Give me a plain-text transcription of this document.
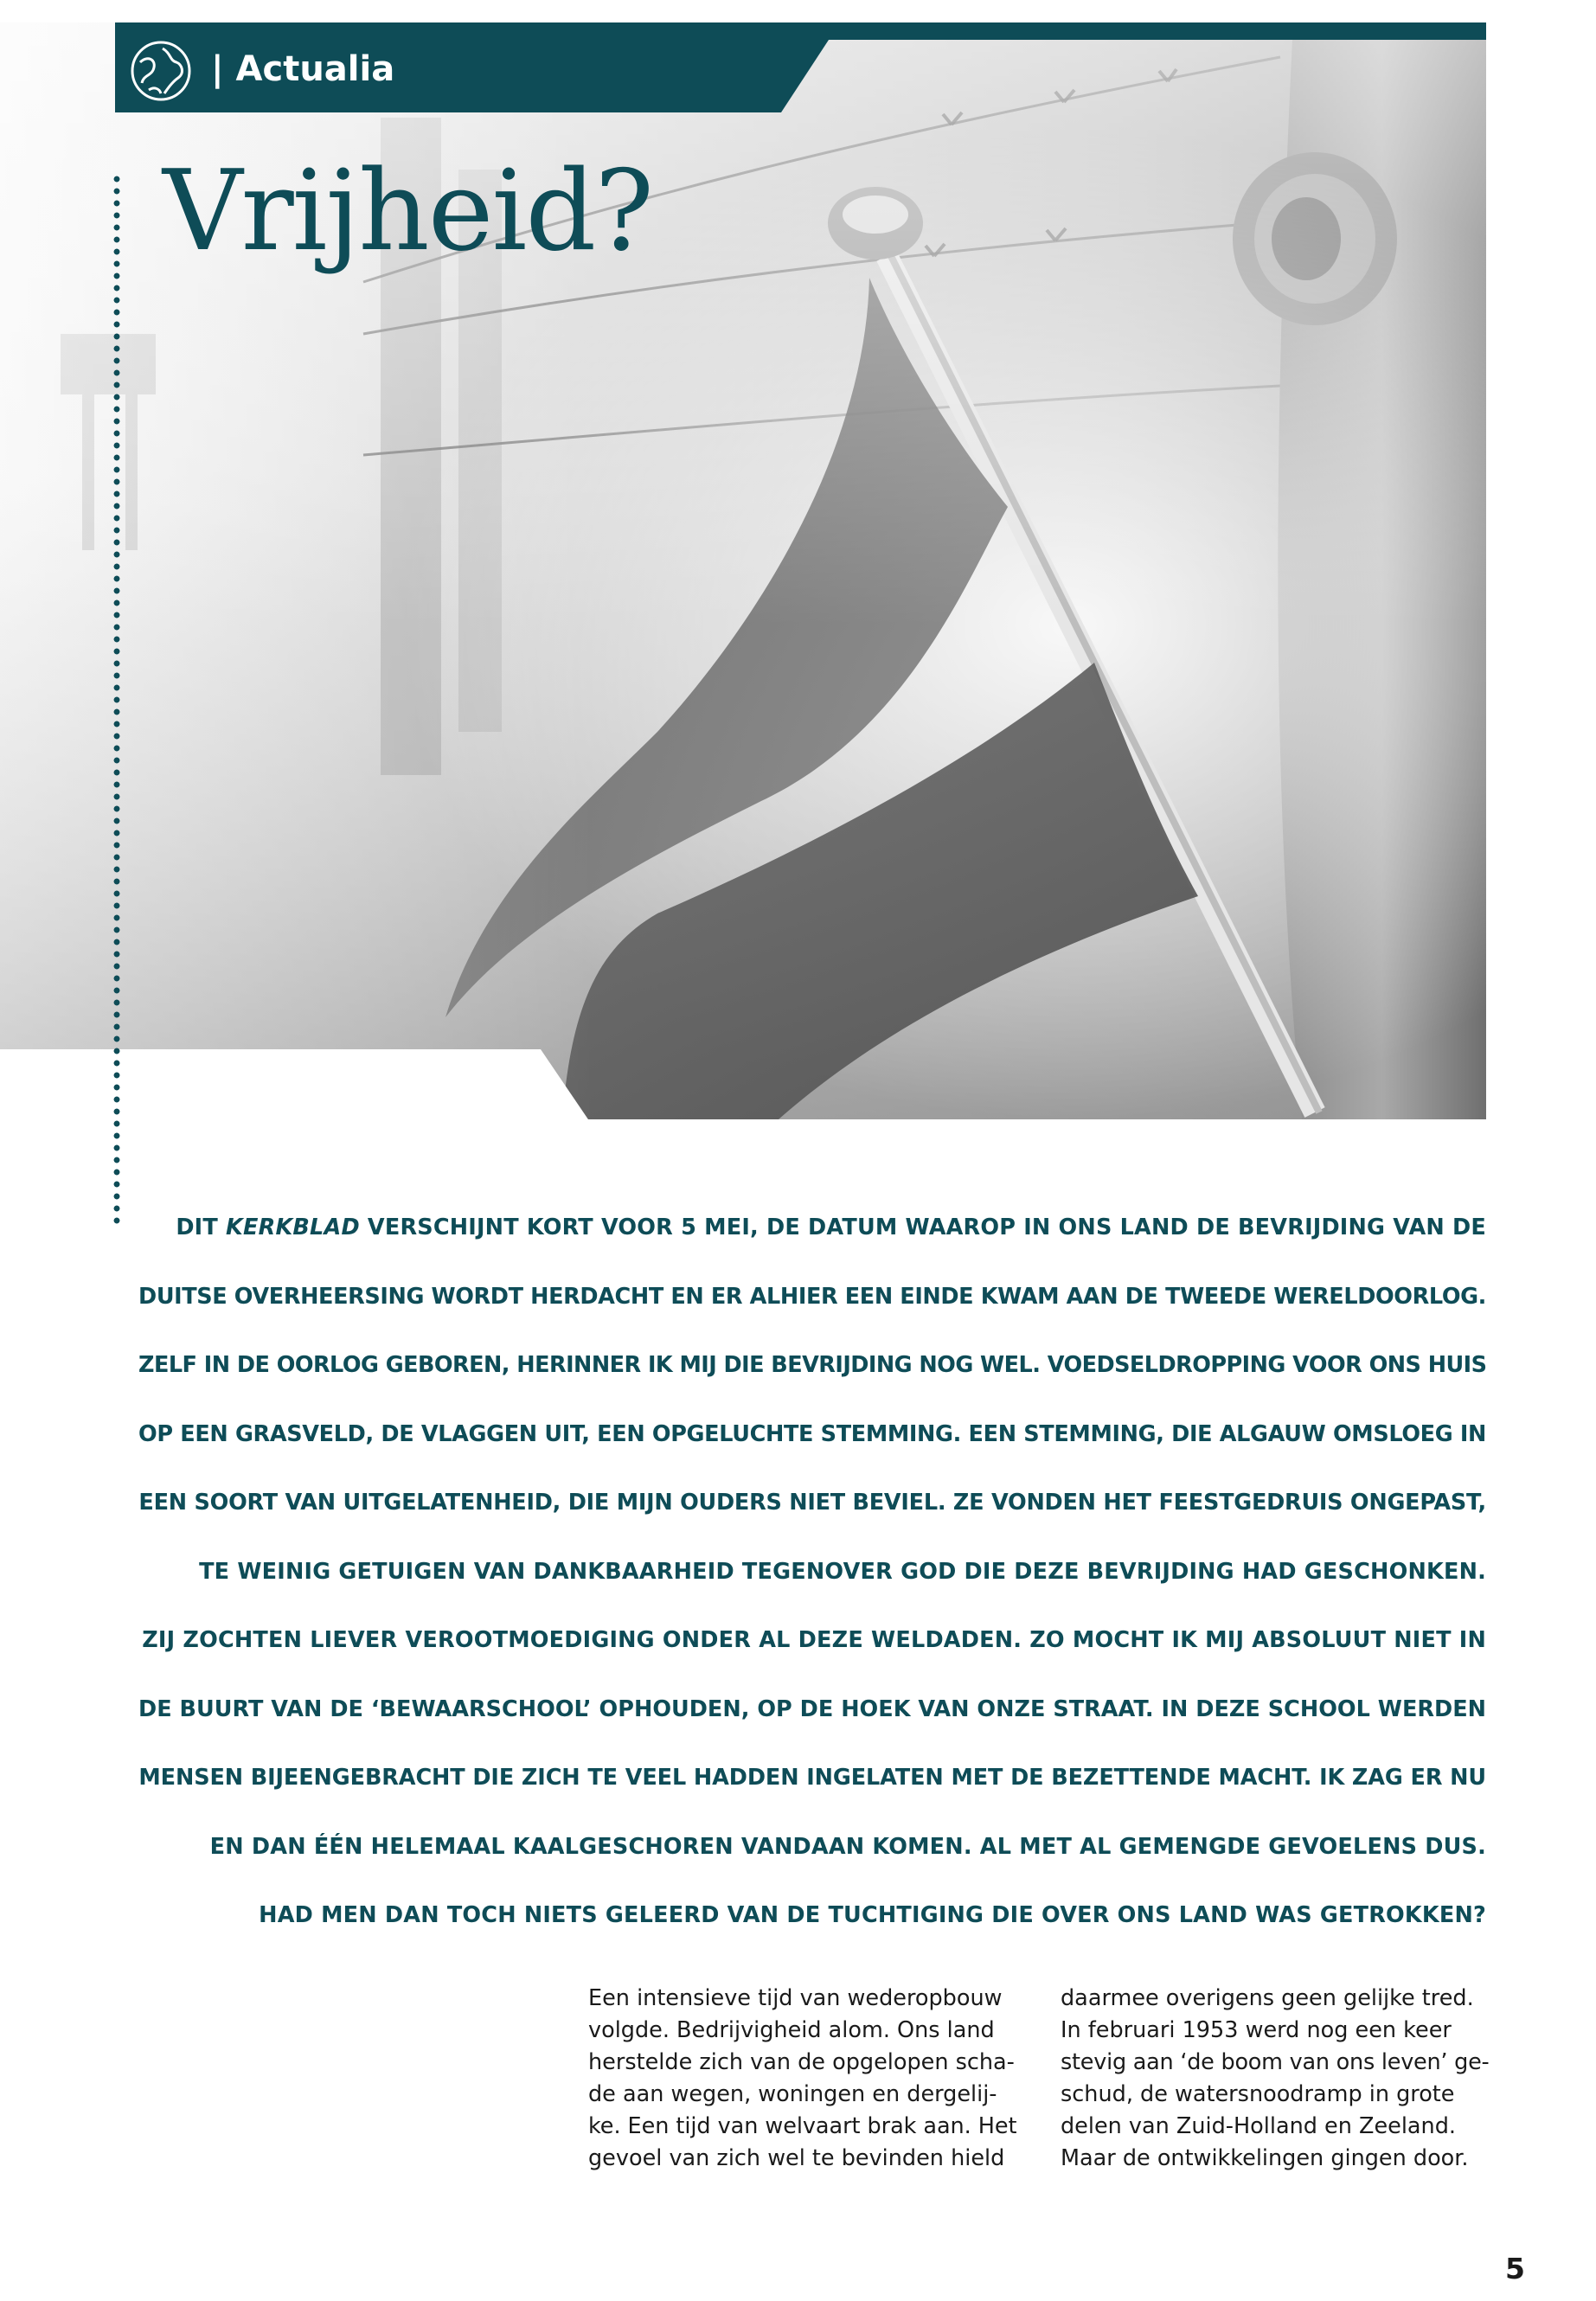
| Actualia
Vrijheid?
DIT KERKBLAD VERSCHIJNT KORT VOOR 5 MEI, DE DATUM WAAROP IN ONS LAND DE BEVRIJDING VAN DE
DUITSE OVERHEERSING WORDT HERDACHT EN ER ALHIER EEN EINDE KWAM AAN DE TWEEDE WERELDOORLOG.
ZELF IN DE OORLOG GEBOREN, HERINNER IK MIJ DIE BEVRIJDING NOG WEL. VOEDSELDROPPING VOOR ONS HUIS
OP EEN GRASVELD, DE VLAGGEN UIT, EEN OPGELUCHTE STEMMING. EEN STEMMING, DIE ALGAUW OMSLOEG IN
EEN SOORT VAN UITGELATENHEID, DIE MIJN OUDERS NIET BEVIEL. ZE VONDEN HET FEESTGEDRUIS ONGEPAST,
TE WEINIG GETUIGEN VAN DANKBAARHEID TEGENOVER GOD DIE DEZE BEVRIJDING HAD GESCHONKEN.
ZIJ ZOCHTEN LIEVER VEROOTMOEDIGING ONDER AL DEZE WELDADEN. ZO MOCHT IK MIJ ABSOLUUT NIET IN
DE BUURT VAN DE ‘BEWAARSCHOOL’ OPHOUDEN, OP DE HOEK VAN ONZE STRAAT. IN DEZE SCHOOL WERDEN
MENSEN BIJEENGEBRACHT DIE ZICH TE VEEL HADDEN INGELATEN MET DE BEZETTENDE MACHT. IK ZAG ER NU
EN DAN ÉÉN HELEMAAL KAALGESCHOREN VANDAAN KOMEN. AL MET AL GEMENGDE GEVOELENS DUS.
HAD MEN DAN TOCH NIETS GELEERD VAN DE TUCHTIGING DIE OVER ONS LAND WAS GETROKKEN?
Een intensieve tijd van wederopbouw
volgde. Bedrijvigheid alom. Ons land
herstelde zich van de opgelopen scha-
de aan wegen, woningen en dergelij-
ke. Een tijd van welvaart brak aan. Het
gevoel van zich wel te bevinden hield
daarmee overigens geen gelijke tred.
In februari 1953 werd nog een keer
stevig aan ‘de boom van ons leven’ ge-
schud, de watersnoodramp in grote
delen van Zuid-Holland en Zeeland.
Maar de ontwikkelingen gingen door.
5
